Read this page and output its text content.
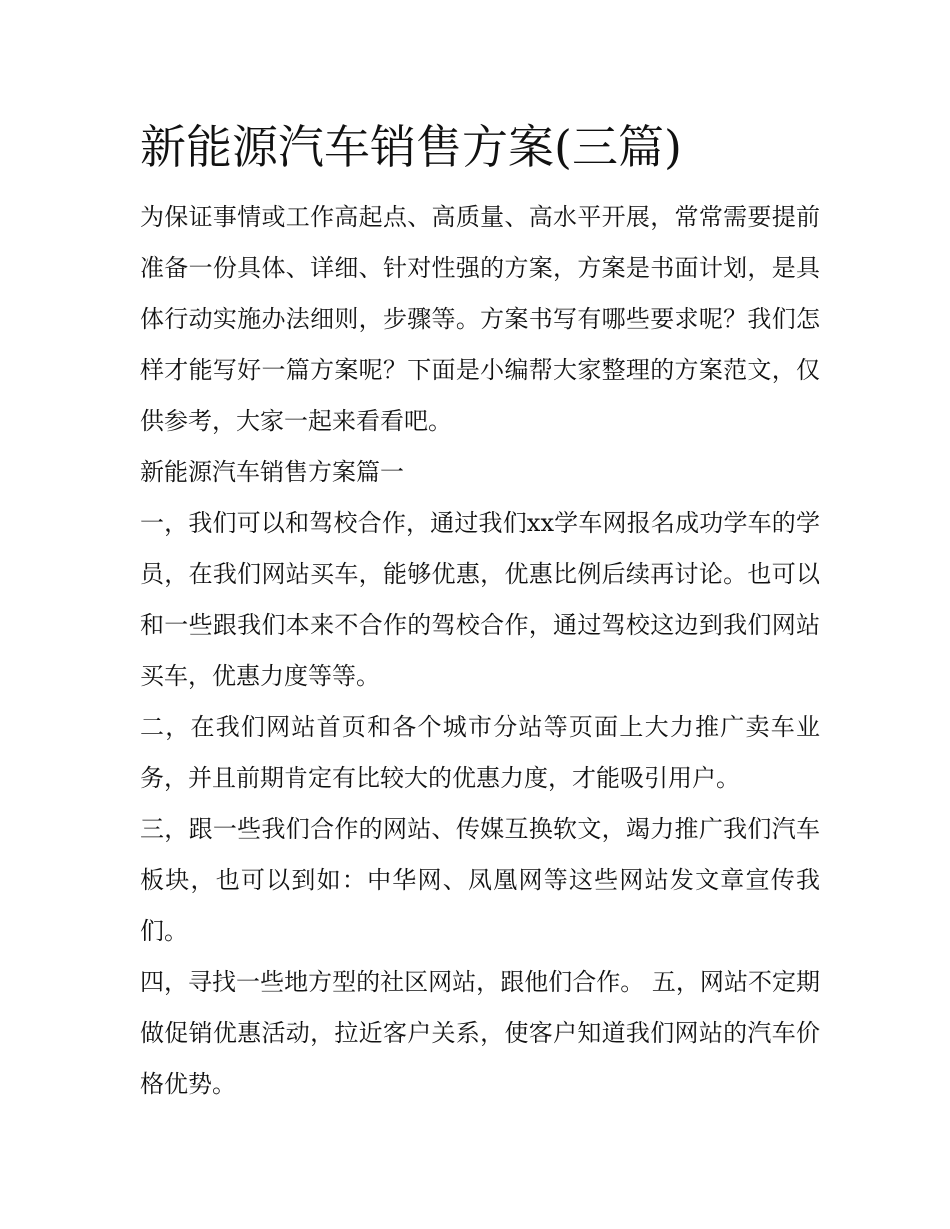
新能源汽车销售方案(三篇)

为保证事情或工作高起点、高质量、高水平开展，常常需要提前准备一份具体、详细、针对性强的方案，方案是书面计划，是具体行动实施办法细则，步骤等。方案书写有哪些要求呢？我们怎样才能写好一篇方案呢？下面是小编帮大家整理的方案范文，仅供参考，大家一起来看看吧。

新能源汽车销售方案篇一

一，我们可以和驾校合作，通过我们xx学车网报名成功学车的学员，在我们网站买车，能够优惠，优惠比例后续再讨论。也可以和一些跟我们本来不合作的驾校合作，通过驾校这边到我们网站买车，优惠力度等等。

二，在我们网站首页和各个城市分站等页面上大力推广卖车业务，并且前期肯定有比较大的优惠力度，才能吸引用户。

三，跟一些我们合作的网站、传媒互换软文，竭力推广我们汽车板块，也可以到如：中华网、凤凰网等这些网站发文章宣传我们。

四，寻找一些地方型的社区网站，跟他们合作。 五，网站不定期做促销优惠活动，拉近客户关系，使客户知道我们网站的汽车价格优势。
